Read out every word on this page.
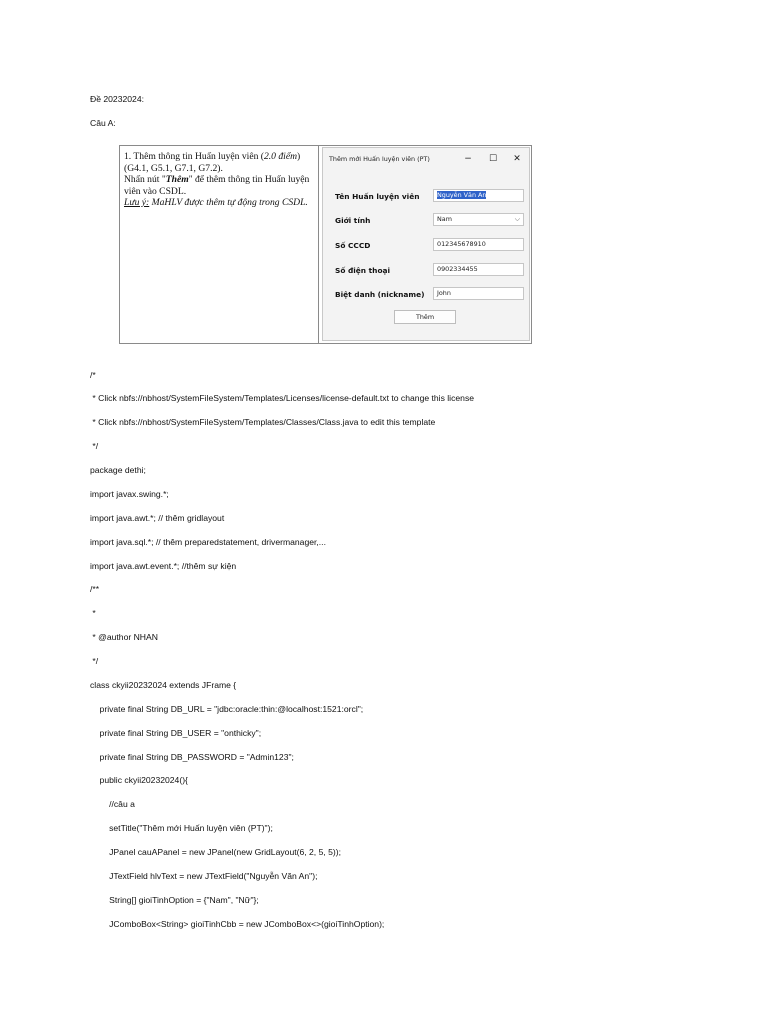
Đề 20232024:
Câu A:

1. Thêm thông tin Huấn luyện viên (2.0 điểm)

(G4.1, G5.1, G7.1, G7.2).

Nhấn nút "Thêm" để thêm thông tin Huấn luyện viên vào CSDL.

Lưu ý: MaHLV được thêm tự động trong CSDL.

Thêm mới Huấn luyện viên (PT)	−	☐	✕
Tên Huấn luyện viên	Nguyễn Văn An
Giới tính	Nam	⌵
Số CCCD	012345678910
Số điện thoại	0902334455
Biệt danh (nickname)	John
Thêm
/*
* Click nbfs://nbhost/SystemFileSystem/Templates/Licenses/license-default.txt to change this license
* Click nbfs://nbhost/SystemFileSystem/Templates/Classes/Class.java to edit this template
*/
package dethi;
import javax.swing.*;
import java.awt.*; // thêm gridlayout
import java.sql.*; // thêm preparedstatement, drivermanager,...
import java.awt.event.*; //thêm sự kiện
/**
*
* @author NHAN
*/
class ckyii20232024 extends JFrame {
private final String DB_URL = "jdbc:oracle:thin:@localhost:1521:orcl";
private final String DB_USER = "onthicky";
private final String DB_PASSWORD = "Admin123";
public ckyii20232024(){
//câu a
setTitle("Thêm mới Huấn luyện viên (PT)");
JPanel cauAPanel = new JPanel(new GridLayout(6, 2, 5, 5));
JTextField hlvText = new JTextField("Nguyễn Văn An");
String[] gioiTinhOption = {"Nam", "Nữ"};
JComboBox<String> gioiTinhCbb = new JComboBox<>(gioiTinhOption);
